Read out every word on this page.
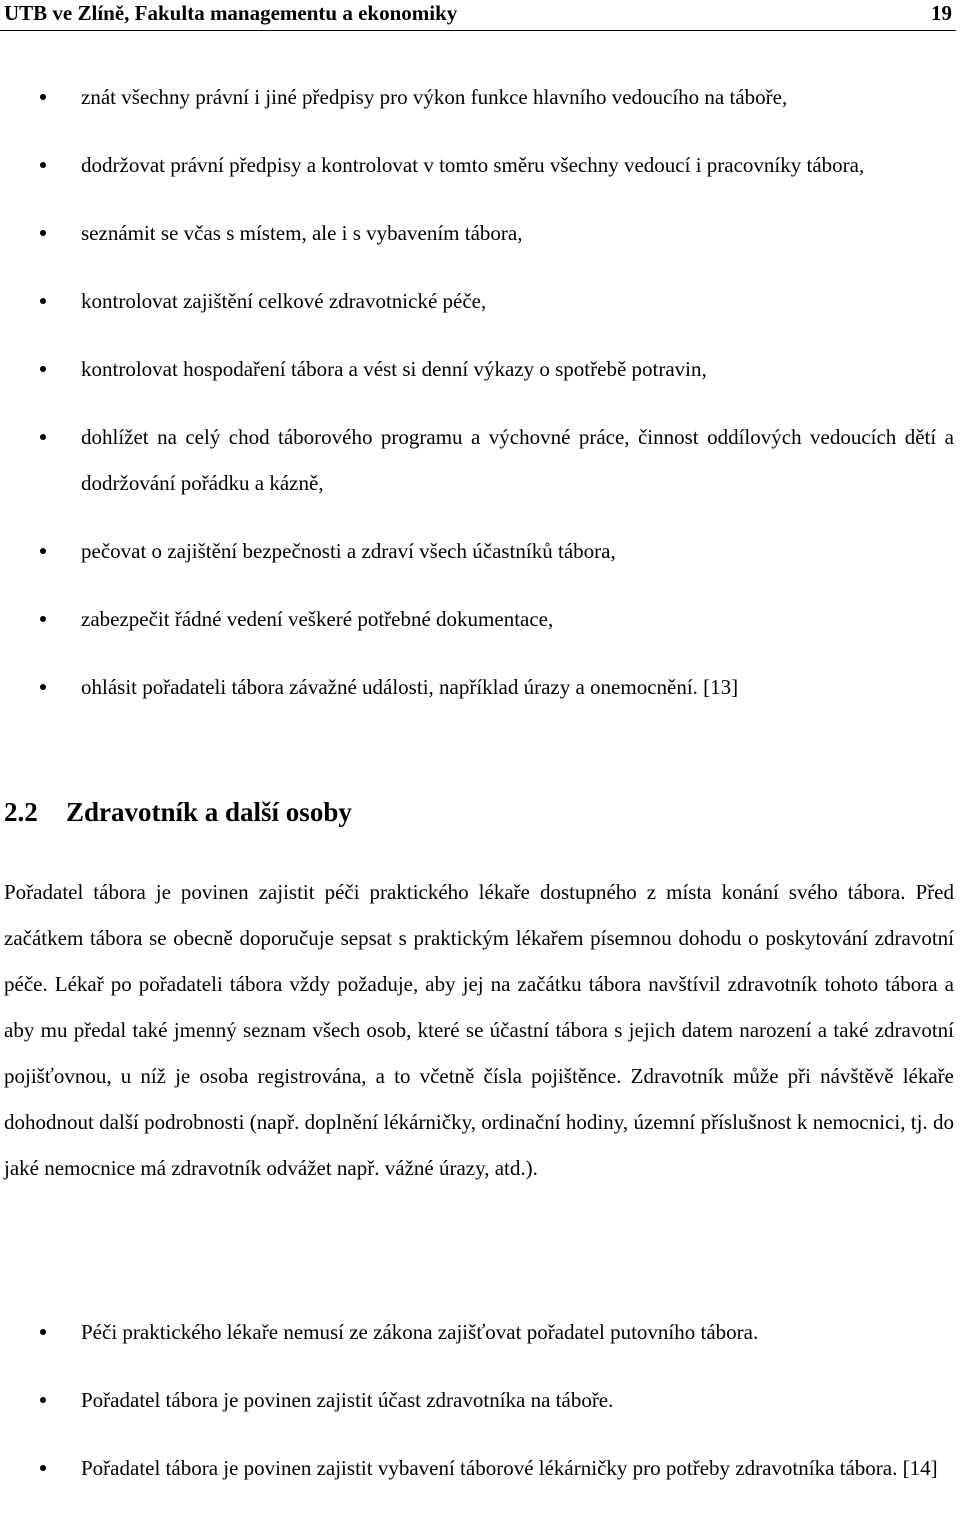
UTB ve Zlíně, Fakulta managementu a ekonomiky	19
znát všechny právní i jiné předpisy pro výkon funkce hlavního vedoucího na táboře,
dodržovat právní předpisy a kontrolovat v tomto směru všechny vedoucí i pracovníky tábora,
seznámit se včas s místem, ale i s vybavením tábora,
kontrolovat zajištění celkové zdravotnické péče,
kontrolovat hospodaření tábora a vést si denní výkazy o spotřebě potravin,
dohlížet na celý chod táborového programu a výchovné práce, činnost oddílových vedoucích dětí a dodržování pořádku a kázně,
pečovat o zajištění bezpečnosti a zdraví všech účastníků tábora,
zabezpečit řádné vedení veškeré potřebné dokumentace,
ohlásit pořadateli tábora závažné události, například úrazy a onemocnění. [13]
2.2 Zdravotník a další osoby

Pořadatel tábora je povinen zajistit péči praktického lékaře dostupného z místa konání svého tábora. Před začátkem tábora se obecně doporučuje sepsat s praktickým lékařem písemnou dohodu o poskytování zdravotní péče. Lékař po pořadateli tábora vždy požaduje, aby jej na začátku tábora navštívil zdravotník tohoto tábora a aby mu předal také jmenný seznam všech osob, které se účastní tábora s jejich datem narození a také zdravotní pojišťovnou, u níž je osoba registrována, a to včetně čísla pojištěnce. Zdravotník může při návštěvě lékaře dohodnout další podrobnosti (např. doplnění lékárničky, ordinační hodiny, územní příslušnost k nemocnici, tj. do jaké nemocnice má zdravotník odvážet např. vážné úrazy, atd.).

Péči praktického lékaře nemusí ze zákona zajišťovat pořadatel putovního tábora.
Pořadatel tábora je povinen zajistit účast zdravotníka na táboře.
Pořadatel tábora je povinen zajistit vybavení táborové lékárničky pro potřeby zdravotníka tábora. [14]
